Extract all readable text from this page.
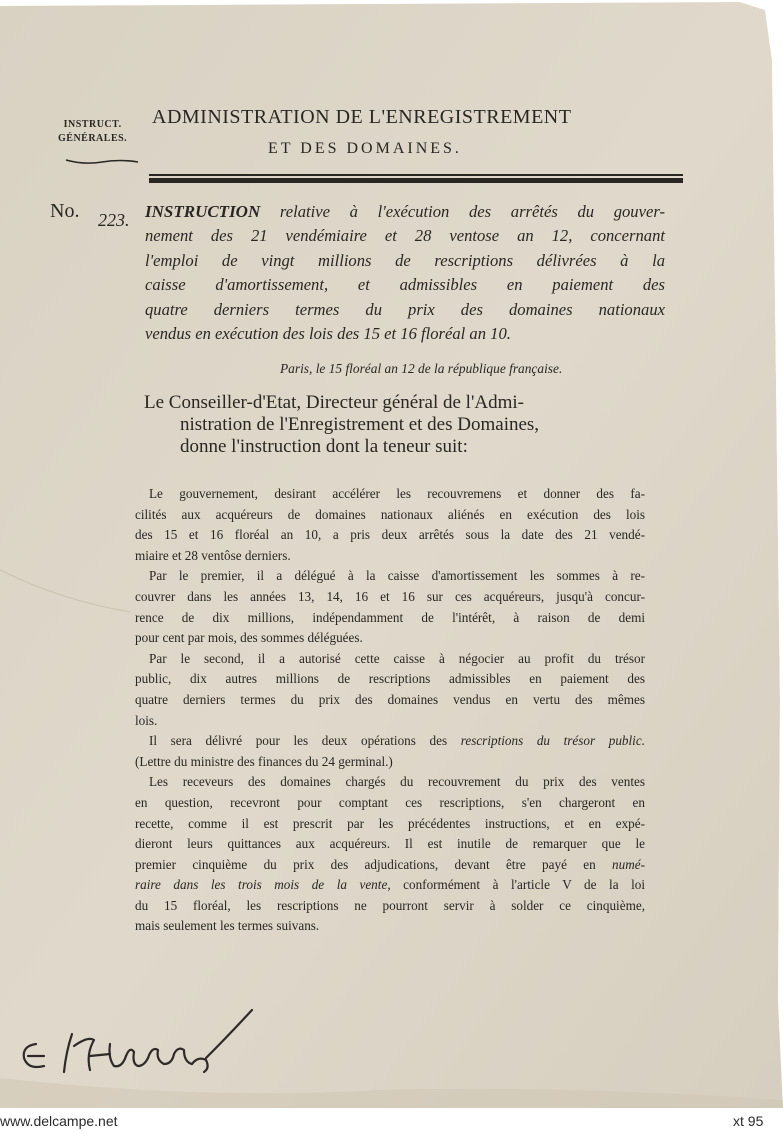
INSTRUCT.
GÉNÉRALES.
ADMINISTRATION DE L'ENREGISTREMENT
ET DES DOMAINES.
No. 223. INSTRUCTION relative à l'exécution des arrêtés du gouver-
nement des 21 vendémiaire et 28 ventose an 12, concernant
l'emploi de vingt millions de rescriptions délivrées à la
caisse d'amortissement, et admissibles en paiement des
quatre derniers termes du prix des domaines nationaux
vendus en exécution des lois des 15 et 16 floréal an 10.
Paris, le 15 floréal an 12 de la république française.
Le Conseiller-d'Etat, Directeur général de l'Admi-
nistration de l'Enregistrement et des Domaines,
donne l'instruction dont la teneur suit:
Le gouvernement, desirant accélérer les recouvremens et donner des fa-
cilités aux acquéreurs de domaines nationaux aliénés en exécution des lois
des 15 et 16 floréal an 10, a pris deux arrêtés sous la date des 21 vendé-
miaire et 28 ventôse derniers.
Par le premier, il a délégué à la caisse d'amortissement les sommes à re-
couvrer dans les années 13, 14, 16 et 16 sur ces acquéreurs, jusqu'à concur-
rence de dix millions, indépendamment de l'intérêt, à raison de demi
pour cent par mois, des sommes déléguées.
Par le second, il a autorisé cette caisse à négocier au profit du trésor
public, dix autres millions de rescriptions admissibles en paiement des
quatre derniers termes du prix des domaines vendus en vertu des mêmes
lois.
Il sera délivré pour les deux opérations des rescriptions du trésor public.
(Lettre du ministre des finances du 24 germinal.)
Les receveurs des domaines chargés du recouvrement du prix des ventes
en question, recevront pour comptant ces rescriptions, s'en chargeront en
recette, comme il est prescrit par les précédentes instructions, et en expé-
dieront leurs quittances aux acquéreurs. Il est inutile de remarquer que le
premier cinquième du prix des adjudications, devant être payé en numé-
raire dans les trois mois de la vente, conformément à l'article V de la loi
du 15 floréal, les rescriptions ne pourront servir à solder ce cinquième,
mais seulement les termes suivans.
www.delcampe.net	xt 95
